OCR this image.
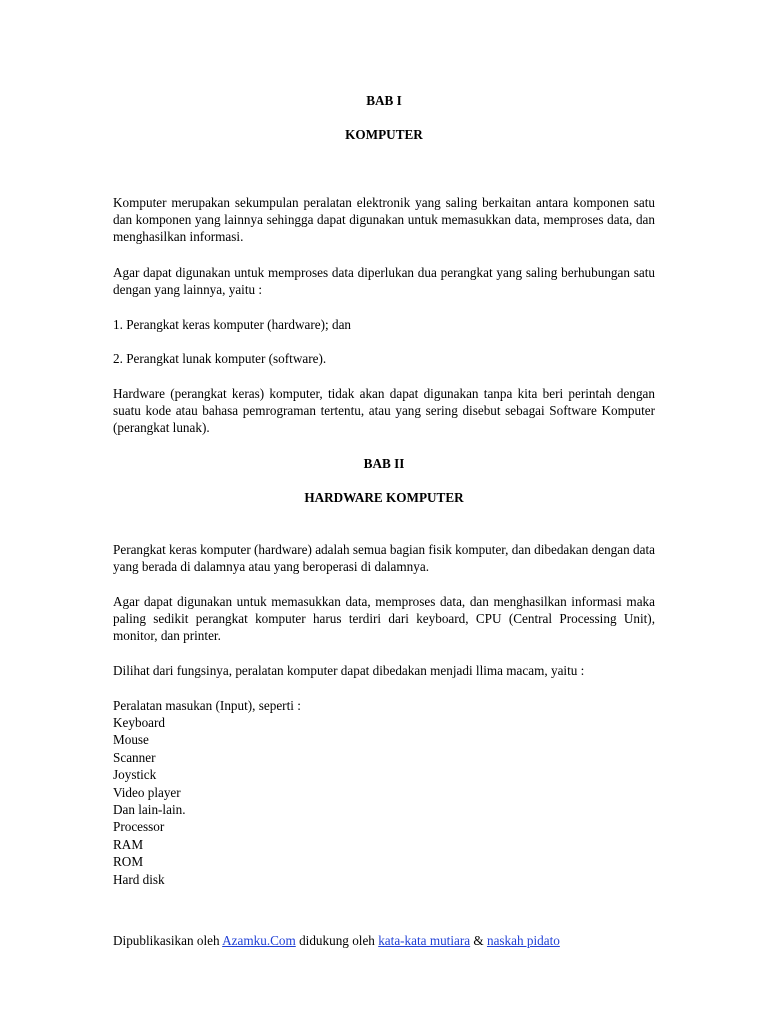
BAB I
KOMPUTER

Komputer merupakan sekumpulan peralatan elektronik yang saling berkaitan antara komponen satu dan komponen yang lainnya sehingga dapat digunakan untuk memasukkan data, memproses data, dan menghasilkan informasi.

Agar dapat digunakan untuk memproses data diperlukan dua perangkat yang saling berhubungan satu dengan yang lainnya, yaitu :

1. Perangkat keras komputer (hardware); dan

2. Perangkat lunak komputer (software).

Hardware (perangkat keras) komputer, tidak akan dapat digunakan tanpa kita beri perintah dengan suatu kode atau bahasa pemrograman tertentu, atau yang sering disebut sebagai Software Komputer (perangkat lunak).

BAB II
HARDWARE KOMPUTER

Perangkat keras komputer (hardware) adalah semua bagian fisik komputer, dan dibedakan dengan data yang berada di dalamnya atau yang beroperasi di dalamnya.

Agar dapat digunakan untuk memasukkan data, memproses data, dan menghasilkan informasi maka paling sedikit perangkat komputer harus terdiri dari keyboard, CPU (Central Processing Unit), monitor, dan printer.

Dilihat dari fungsinya, peralatan komputer dapat dibedakan menjadi llima macam, yaitu :

Peralatan masukan (Input), seperti :

Keyboard
Mouse
Scanner
Joystick
Video player
Dan lain-lain.
Processor
RAM
ROM
Hard disk

Dipublikasikan oleh Azamku.Com didukung oleh kata-kata mutiara & naskah pidato
